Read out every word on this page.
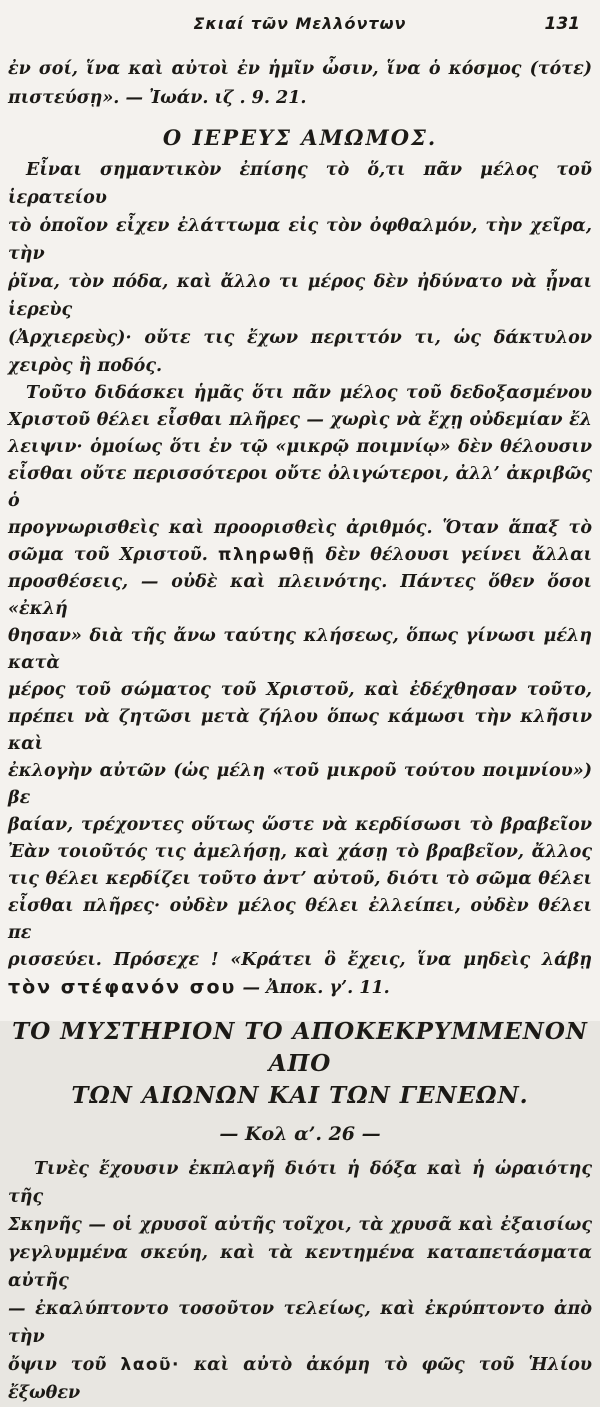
Σκιαί τῶν Μελλόντων	131
ἐν σοί, ἵνα καὶ αὐτοὶ ἐν ἡμῖν ὦσιν, ἵνα ὁ κόσμος (τότε)
πιστεύσῃ». — Ἰωάν. ιζ . 9. 21.
Ο ΙΕΡΕΥΣ ΑΜΩΜΟΣ.
Εἶναι σημαντικὸν ἐπίσης τὸ ὅ,τι πᾶν μέλος τοῦ ἱερατείου
τὸ ὁποῖον εἶχεν ἐλάττωμα εἰς τὸν ὀφθαλμόν, τὴν χεῖρα, τὴν
ῥῖνα, τὸν πόδα, καὶ ἄλλο τι μέρος δὲν ἠδύνατο νὰ ᾖναι ἱερεὺς
(Ἀρχιερεὺς)· οὔτε τις ἔχων περιττόν τι, ὡς δάκτυλον
χειρὸς ἢ ποδός.
Τοῦτο διδάσκει ἡμᾶς ὅτι πᾶν μέλος τοῦ δεδοξασμένου
Χριστοῦ θέλει εἶσθαι πλῆρες — χωρὶς νὰ ἔχῃ οὐδεμίαν ἔλ
λειψιν· ὁμοίως ὅτι ἐν τῷ «μικρῷ ποιμνίῳ» δὲν θέλουσιν
εἶσθαι οὔτε περισσότεροι οὔτε ὀλιγώτεροι, ἀλλ’ ἀκριβῶς ὁ
προγνωρισθεὶς καὶ προορισθεὶς ἀριθμός. Ὅταν ἅπαξ τὸ
σῶμα τοῦ Χριστοῦ. πληρωθῇ δὲν θέλουσι γείνει ἄλλαι
προσθέσεις, — οὐδὲ καὶ πλεινότης. Πάντες ὅθεν ὅσοι «ἐκλή
θησαν» διὰ τῆς ἄνω ταύτης κλήσεως, ὅπως γίνωσι μέλη κατὰ
μέρος τοῦ σώματος τοῦ Χριστοῦ, καὶ ἐδέχθησαν τοῦτο,
πρέπει νὰ ζητῶσι μετὰ ζήλου ὅπως κάμωσι τὴν κλῆσιν καὶ
ἐκλογὴν αὐτῶν (ὡς μέλη «τοῦ μικροῦ τούτου ποιμνίου») βε
βαίαν, τρέχοντες οὕτως ὥστε νὰ κερδίσωσι τὸ βραβεῖον
Ἐὰν τοιοῦτός τις ἀμελήσῃ, καὶ χάσῃ τὸ βραβεῖον, ἄλλος
τις θέλει κερδίζει τοῦτο ἀντ’ αὐτοῦ, διότι τὸ σῶμα θέλει
εἶσθαι πλῆρες· οὐδὲν μέλος θέλει ἐλλείπει, οὐδὲν θέλει πε
ρισσεύει. Πρόσεχε ! «Κράτει ὃ ἔχεις, ἵνα μηδεὶς λάβῃ
τὸν στέφανόν σου — Ἀποκ. γ’. 11.
ΤΟ ΜΥΣΤΗΡΙΟΝ ΤΟ ΑΠΟΚΕΚΡΥΜΜΕΝΟΝ ΑΠΟ
ΤΩΝ ΑΙΩΝΩΝ ΚΑΙ ΤΩΝ ΓΕΝΕΩΝ.
— Κολ α’. 26 —
Τινὲς ἔχουσιν ἐκπλαγῆ διότι ἡ δόξα καὶ ἡ ὡραιότης τῆς
Σκηνῆς — οἱ χρυσοῖ αὐτῆς τοῖχοι, τὰ χρυσᾶ καὶ ἐξαισίως
γεγλυμμένα σκεύη, καὶ τὰ κεντημένα καταπετάσματα αὐτῆς
— ἐκαλύπτοντο τοσοῦτον τελείως, καὶ ἐκρύπτοντο ἀπὸ τὴν
ὄψιν τοῦ λαοῦ· καὶ αὐτὸ ἀκόμη τὸ φῶς τοῦ Ἡλίου ἔξωθεν
